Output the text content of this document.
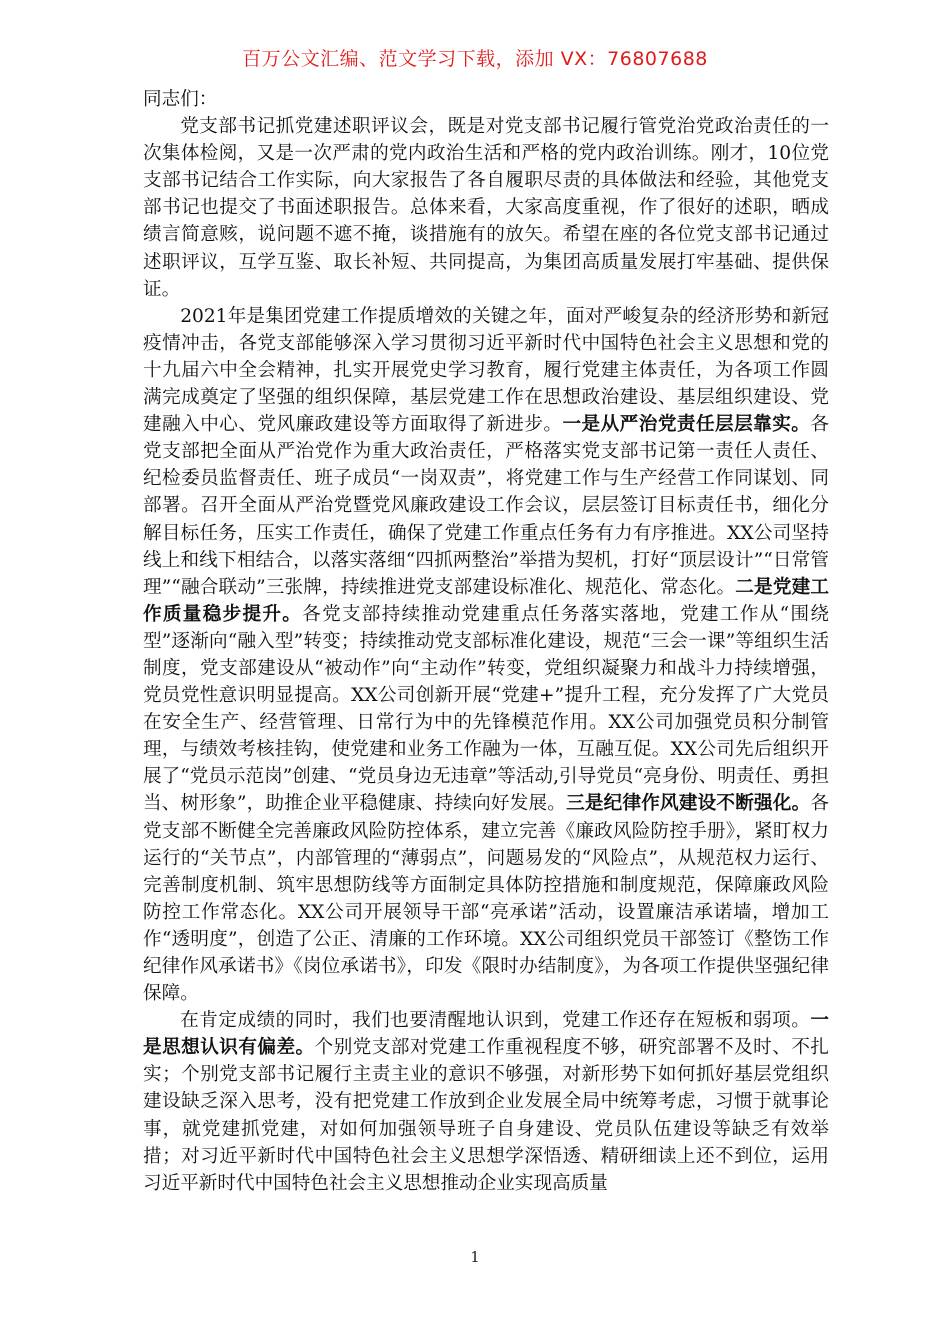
百万公文汇编、范文学习下载，添加 VX：76807688

同志们：

党支部书记抓党建述职评议会，既是对党支部书记履行管党治党政治责任的一次集体检阅，又是一次严肃的党内政治生活和严格的党内政治训练。刚才，10位党支部书记结合工作实际，向大家报告了各自履职尽责的具体做法和经验，其他党支部书记也提交了书面述职报告。总体来看，大家高度重视，作了很好的述职，晒成绩言简意赅，说问题不遮不掩，谈措施有的放矢。希望在座的各位党支部书记通过述职评议，互学互鉴、取长补短、共同提高，为集团高质量发展打牢基础、提供保证。

2021年是集团党建工作提质增效的关键之年，面对严峻复杂的经济形势和新冠疫情冲击，各党支部能够深入学习贯彻习近平新时代中国特色社会主义思想和党的十九届六中全会精神，扎实开展党史学习教育，履行党建主体责任，为各项工作圆满完成奠定了坚强的组织保障，基层党建工作在思想政治建设、基层组织建设、党建融入中心、党风廉政建设等方面取得了新进步。一是从严治党责任层层靠实。各党支部把全面从严治党作为重大政治责任，严格落实党支部书记第一责任人责任、纪检委员监督责任、班子成员“一岗双责”，将党建工作与生产经营工作同谋划、同部署。召开全面从严治党暨党风廉政建设工作会议，层层签订目标责任书，细化分解目标任务，压实工作责任，确保了党建工作重点任务有力有序推进。XX公司坚持线上和线下相结合，以落实落细“四抓两整治”举措为契机，打好“顶层设计”“日常管理”“融合联动”三张牌，持续推进党支部建设标准化、规范化、常态化。二是党建工作质量稳步提升。各党支部持续推动党建重点任务落实落地，党建工作从“围绕型”逐渐向“融入型”转变；持续推动党支部标准化建设，规范“三会一课”等组织生活制度，党支部建设从“被动作”向“主动作”转变，党组织凝聚力和战斗力持续增强，党员党性意识明显提高。XX公司创新开展“党建+”提升工程，充分发挥了广大党员在安全生产、经营管理、日常行为中的先锋模范作用。XX公司加强党员积分制管理，与绩效考核挂钩，使党建和业务工作融为一体，互融互促。XX公司先后组织开展了“党员示范岗”创建、“党员身边无违章”等活动,引导党员“亮身份、明责任、勇担当、树形象”，助推企业平稳健康、持续向好发展。三是纪律作风建设不断强化。各党支部不断健全完善廉政风险防控体系，建立完善《廉政风险防控手册》，紧盯权力运行的“关节点”，内部管理的“薄弱点”，问题易发的“风险点”，从规范权力运行、完善制度机制、筑牢思想防线等方面制定具体防控措施和制度规范，保障廉政风险防控工作常态化。XX公司开展领导干部“亮承诺”活动，设置廉洁承诺墙，增加工作“透明度”，创造了公正、清廉的工作环境。XX公司组织党员干部签订《整饬工作纪律作风承诺书》《岗位承诺书》，印发《限时办结制度》，为各项工作提供坚强纪律保障。

在肯定成绩的同时，我们也要清醒地认识到，党建工作还存在短板和弱项。一是思想认识有偏差。个别党支部对党建工作重视程度不够，研究部署不及时、不扎实；个别党支部书记履行主责主业的意识不够强，对新形势下如何抓好基层党组织建设缺乏深入思考，没有把党建工作放到企业发展全局中统筹考虑，习惯于就事论事，就党建抓党建，对如何加强领导班子自身建设、党员队伍建设等缺乏有效举措；对习近平新时代中国特色社会主义思想学深悟透、精研细读上还不到位，运用习近平新时代中国特色社会主义思想推动企业实现高质量

1
